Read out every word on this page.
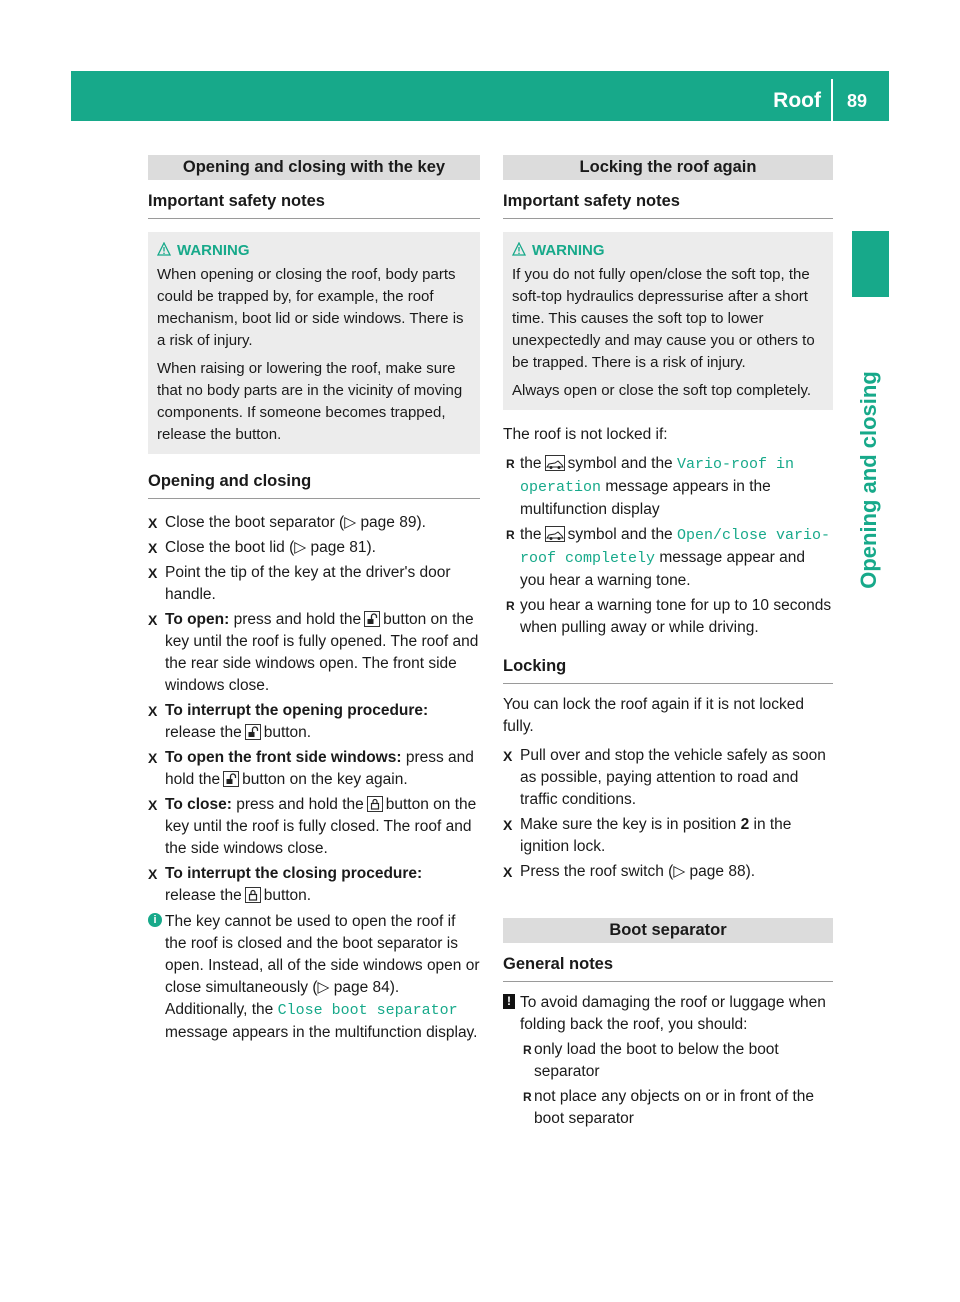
Roof 89
Opening and closing
Opening and closing with the key
Important safety notes
WARNING

When opening or closing the roof, body parts could be trapped by, for example, the roof mechanism, boot lid or side windows. There is a risk of injury.

When raising or lowering the roof, make sure that no body parts are in the vicinity of moving components. If someone becomes trapped, release the button.

Opening and closing
X Close the boot separator (▷ page 89).
X Close the boot lid (▷ page 81).
X Point the tip of the key at the driver's door handle.
X To open: press and hold the button on the key until the roof is fully opened. The roof and the rear side windows open. The front side windows close.
X To interrupt the opening procedure:
release the button.
X To open the front side windows: press and hold the button on the key again.
X To close: press and hold the button on the key until the roof is fully closed. The roof and the side windows close.
X To interrupt the closing procedure:
release the button.
i The key cannot be used to open the roof if the roof is closed and the boot separator is open. Instead, all of the side windows open or close simultaneously (▷ page 84). Additionally, the Close boot separator message appears in the multifunction display.
Locking the roof again
Important safety notes
WARNING

If you do not fully open/close the soft top, the soft-top hydraulics depressurise after a short time. This causes the soft top to lower unexpectedly and may cause you or others to be trapped. There is a risk of injury.

Always open or close the soft top completely.

The roof is not locked if:
R the symbol and the Vario-roof in operation message appears in the multifunction display
R the symbol and the Open/close vario-roof completely message appear and you hear a warning tone.
R you hear a warning tone for up to 10 seconds when pulling away or while driving.
Locking
You can lock the roof again if it is not locked fully.
X Pull over and stop the vehicle safely as soon as possible, paying attention to road and traffic conditions.
X Make sure the key is in position 2 in the ignition lock.
X Press the roof switch (▷ page 88).
Boot separator
General notes
! To avoid damaging the roof or luggage when folding back the roof, you should:
R only load the boot to below the boot separator
R not place any objects on or in front of the boot separator
